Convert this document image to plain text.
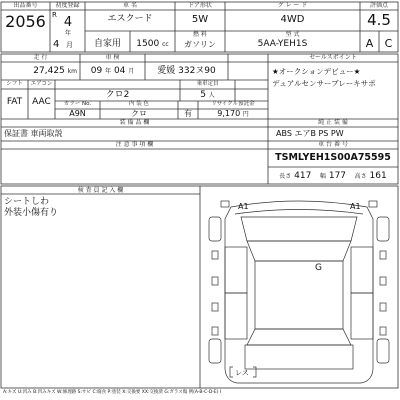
出品番号
2056
初度登録
R 4
年
4 月
車 名
エスクード
ドア形状
5W
グ レ ー ド
4WD
評価点
4.5
自家用	1500 cc
燃 料
ガソリン
型 式
5AA-YEH1S	A	C
走 行
27,425 km
車 検
09 年 04 月	愛媛 332ヌ90
セールスポイント
★オークションデビュー★
デュアルセンサーブレーキサポ
シフト	エアコン
FAT	AAC
クロ2
乗車定員
5 人
カラー No.
A9N
内 装 色
クロ	有
リサイクル預託金
9,170 円
装 備 品 欄
保証書 車両取説
純 正 装 備
ABS エアB PS PW
注 意 事 項 欄	車 台 番 号
TSMLYEH1S00A75595
長さ 417 幅 177 高さ 161
検 査 員 記 入 欄
シートしわ
外装小傷有り
A1	A1
G
レス
A:キズ U:凹み B:凹みキズ W:修理跡 S:サビ C:腐食 P:塗装 X:交換要 XX:交換済 G:ガラス傷 例(A-B-C-D-E) I
